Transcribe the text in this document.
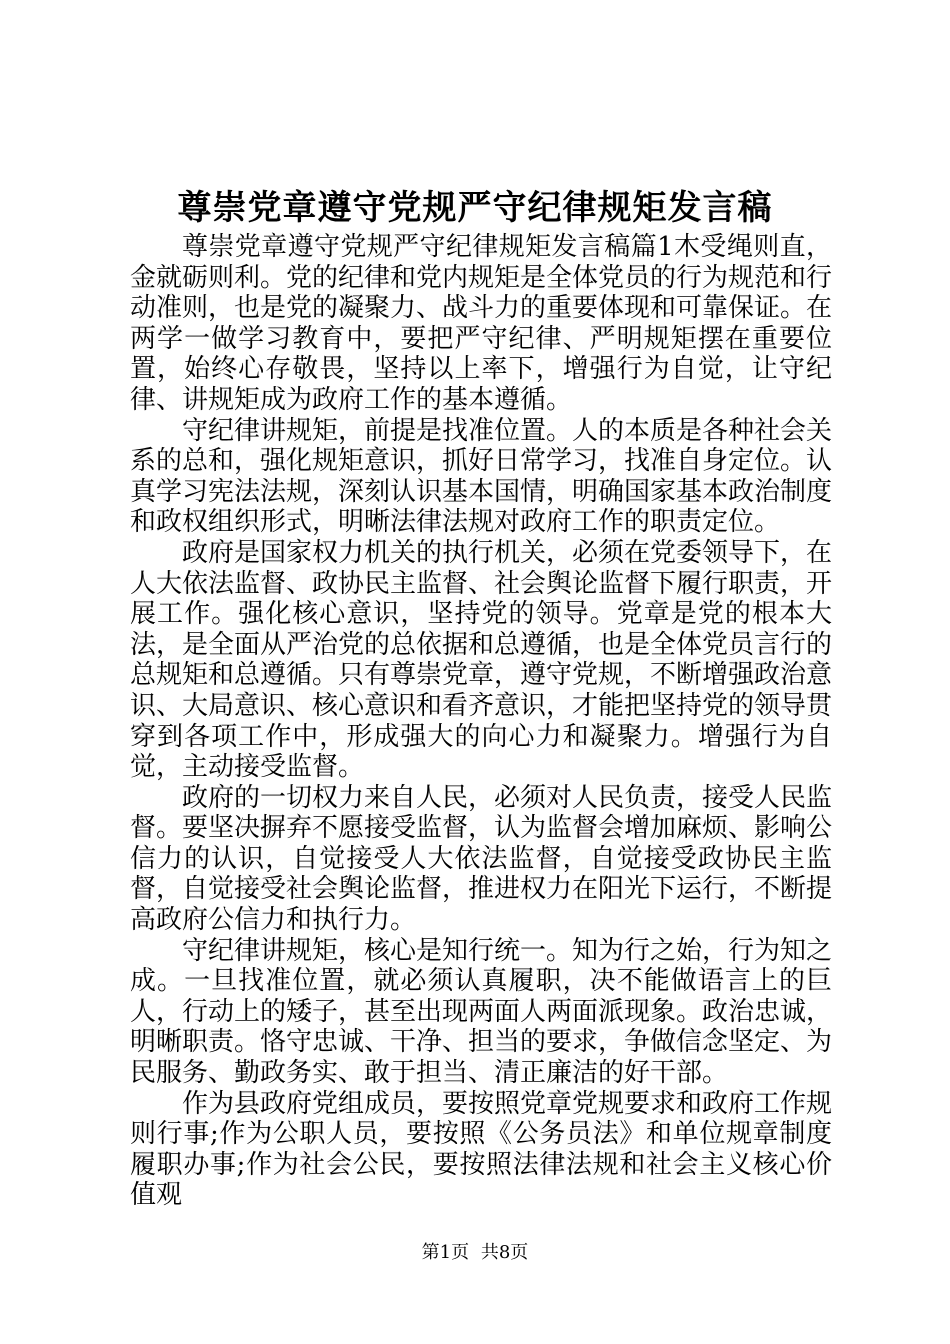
尊崇党章遵守党规严守纪律规矩发言稿

尊崇党章遵守党规严守纪律规矩发言稿篇1木受绳则直，金就砺则利。党的纪律和党内规矩是全体党员的行为规范和行动准则，也是党的凝聚力、战斗力的重要体现和可靠保证。在两学一做学习教育中，要把严守纪律、严明规矩摆在重要位置，始终心存敬畏，坚持以上率下，增强行为自觉，让守纪律、讲规矩成为政府工作的基本遵循。

守纪律讲规矩，前提是找准位置。人的本质是各种社会关系的总和，强化规矩意识，抓好日常学习，找准自身定位。认真学习宪法法规，深刻认识基本国情，明确国家基本政治制度和政权组织形式，明晰法律法规对政府工作的职责定位。

政府是国家权力机关的执行机关，必须在党委领导下，在人大依法监督、政协民主监督、社会舆论监督下履行职责，开展工作。强化核心意识，坚持党的领导。党章是党的根本大法，是全面从严治党的总依据和总遵循，也是全体党员言行的总规矩和总遵循。只有尊崇党章，遵守党规，不断增强政治意识、大局意识、核心意识和看齐意识，才能把坚持党的领导贯穿到各项工作中，形成强大的向心力和凝聚力。增强行为自觉，主动接受监督。

政府的一切权力来自人民，必须对人民负责，接受人民监督。要坚决摒弃不愿接受监督，认为监督会增加麻烦、影响公信力的认识，自觉接受人大依法监督，自觉接受政协民主监督，自觉接受社会舆论监督，推进权力在阳光下运行，不断提高政府公信力和执行力。

守纪律讲规矩，核心是知行统一。知为行之始，行为知之成。一旦找准位置，就必须认真履职，决不能做语言上的巨人，行动上的矮子，甚至出现两面人两面派现象。政治忠诚，明晰职责。恪守忠诚、干净、担当的要求，争做信念坚定、为民服务、勤政务实、敢于担当、清正廉洁的好干部。

作为县政府党组成员，要按照党章党规要求和政府工作规则行事;作为公职人员，要按照《公务员法》和单位规章制度履职办事;作为社会公民，要按照法律法规和社会主义核心价值观

第1页 共8页
